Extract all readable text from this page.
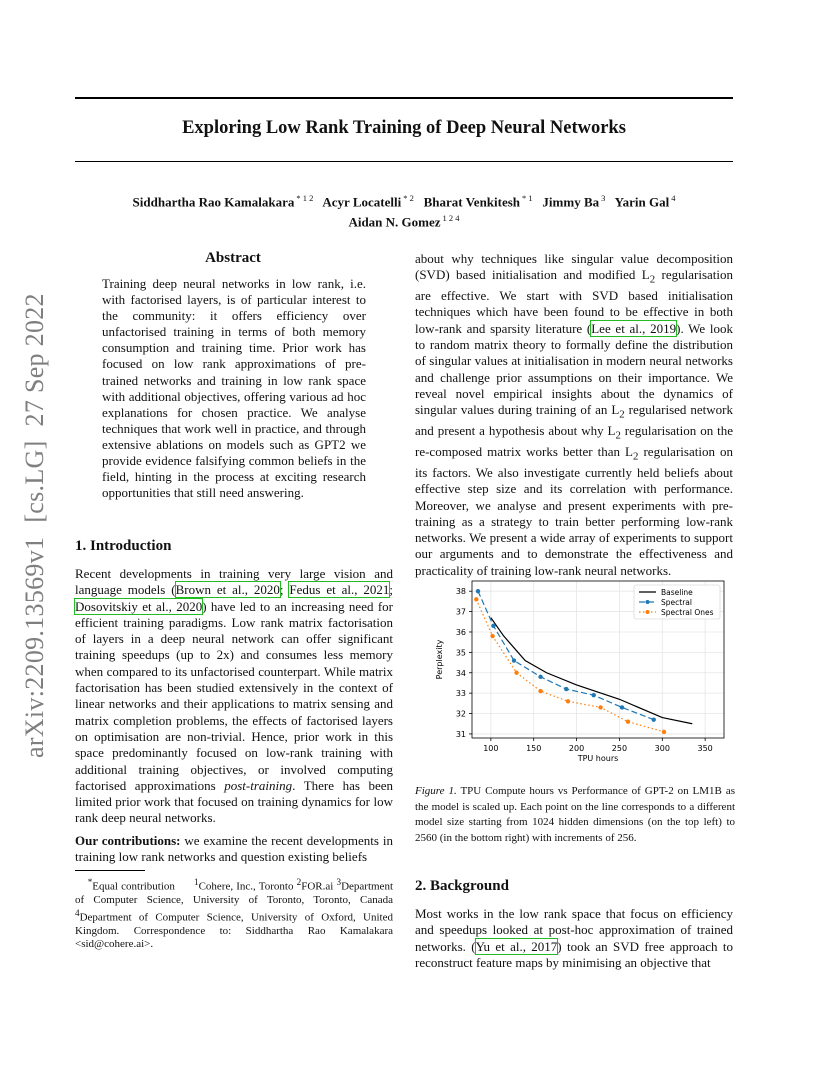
Exploring Low Rank Training of Deep Neural Networks
Siddhartha Rao Kamalakara $^{* 1 2}$ Acyr Locatelli $^{* 2}$ Bharat Venkitesh $^{* 1}$ Jimmy Ba $^3$ Yarin Gal $^4$
Aidan N. Gomez $^{1 2 4}$
arXiv:2209.13569v1[cs.LG]27 Sep 2022
Abstract
Training deep neural networks in low rank, i.e. with factorised layers, is of particular interest to the community: it offers efficiency over unfactorised training in terms of both memory consumption and training time. Prior work has focused on low rank approximations of pre-trained networks and training in low rank space with additional objectives, offering various ad hoc explanations for chosen practice. We analyse techniques that work well in practice, and through extensive ablations on models such as GPT2 we provide evidence falsifying common beliefs in the field, hinting in the process at exciting research opportunities that still need answering.
1. Introduction
Recent developments in training very large vision and language models (Brown et al., 2020; Fedus et al., 2021; Dosovitskiy et al., 2020) have led to an increasing need for efficient training paradigms. Low rank matrix factorisation of layers in a deep neural network can offer significant training speedups (up to 2x) and consumes less memory when compared to its unfactorised counterpart. While matrix factorisation has been studied extensively in the context of linear networks and their applications to matrix sensing and matrix completion problems, the effects of factorised layers on optimisation are non-trivial. Hence, prior work in this space predominantly focused on low-rank training with additional training objectives, or involved computing factorised approximations post-training. There has been limited prior work that focused on training dynamics for low rank deep neural networks.
Our contributions: we examine the recent developments in training low rank networks and question existing beliefs
*Equal contribution $^1$Cohere, Inc., Toronto $^2$FOR.ai $^3$Department of Computer Science, University of Toronto, Toronto, Canada $^4$Department of Computer Science, University of Oxford, United Kingdom. Correspondence to: Siddhartha Rao Kamalakara <sid@cohere.ai>.
about why techniques like singular value decomposition (SVD) based initialisation and modified $L_2$ regularisation are effective. We start with SVD based initialisation techniques which have been found to be effective in both low-rank and sparsity literature (Lee et al., 2019). We look to random matrix theory to formally define the distribution of singular values at initialisation in modern neural networks and challenge prior assumptions on their importance. We reveal novel empirical insights about the dynamics of singular values during training of an $L_2$ regularised network and present a hypothesis about why $L_2$ regularisation on the re-composed matrix works better than $L_2$ regularisation on its factors. We also investigate currently held beliefs about effective step size and its correlation with performance. Moreover, we analyse and present experiments with pre-training as a strategy to train better performing low-rank networks. We present a wide array of experiments to support our arguments and to demonstrate the effectiveness and practicality of training low-rank neural networks.
100	150	200	250	300	350
31
32
33
34
35
36
37
38
TPU hours
Perplexity
Baseline
Spectral
Spectral Ones
Figure 1. TPU Compute hours vs Performance of GPT-2 on LM1B as the model is scaled up. Each point on the line corresponds to a different model size starting from 1024 hidden dimensions (on the top left) to 2560 (in the bottom right) with increments of 256.
2. Background
Most works in the low rank space that focus on efficiency and speedups looked at post-hoc approximation of trained networks. (Yu et al., 2017) took an SVD free approach to reconstruct feature maps by minimising an objective that
